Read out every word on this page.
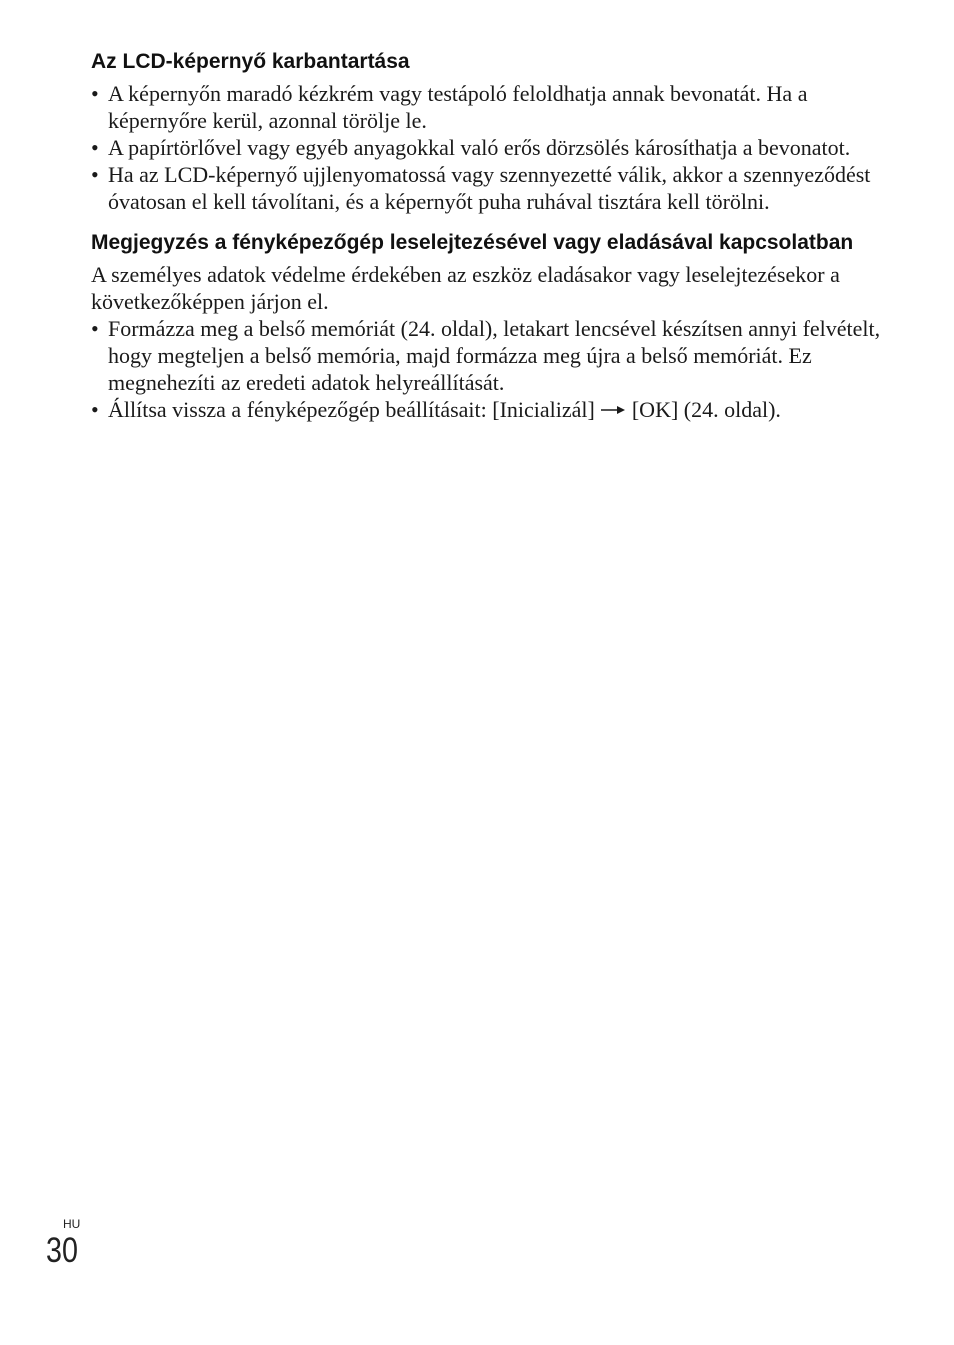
Az LCD-képernyő karbantartása
• A képernyőn maradó kézkrém vagy testápoló feloldhatja annak bevonatát. Ha a képernyőre kerül, azonnal törölje le.
• A papírtörlővel vagy egyéb anyagokkal való erős dörzsölés károsíthatja a bevonatot.
• Ha az LCD-képernyő ujjlenyomatossá vagy szennyezetté válik, akkor a szennyeződést óvatosan el kell távolítani, és a képernyőt puha ruhával tisztára kell törölni.
Megjegyzés a fényképezőgép leselejtezésével vagy eladásával kapcsolatban

A személyes adatok védelme érdekében az eszköz eladásakor vagy leselejtezésekor a következőképpen járjon el.

• Formázza meg a belső memóriát (24. oldal), letakart lencsével készítsen annyi felvételt, hogy megteljen a belső memória, majd formázza meg újra a belső memóriát. Ez megnehezíti az eredeti adatok helyreállítását.
• Állítsa vissza a fényképezőgép beállításait: [Inicializál] [OK] (24. oldal).
HU
30
